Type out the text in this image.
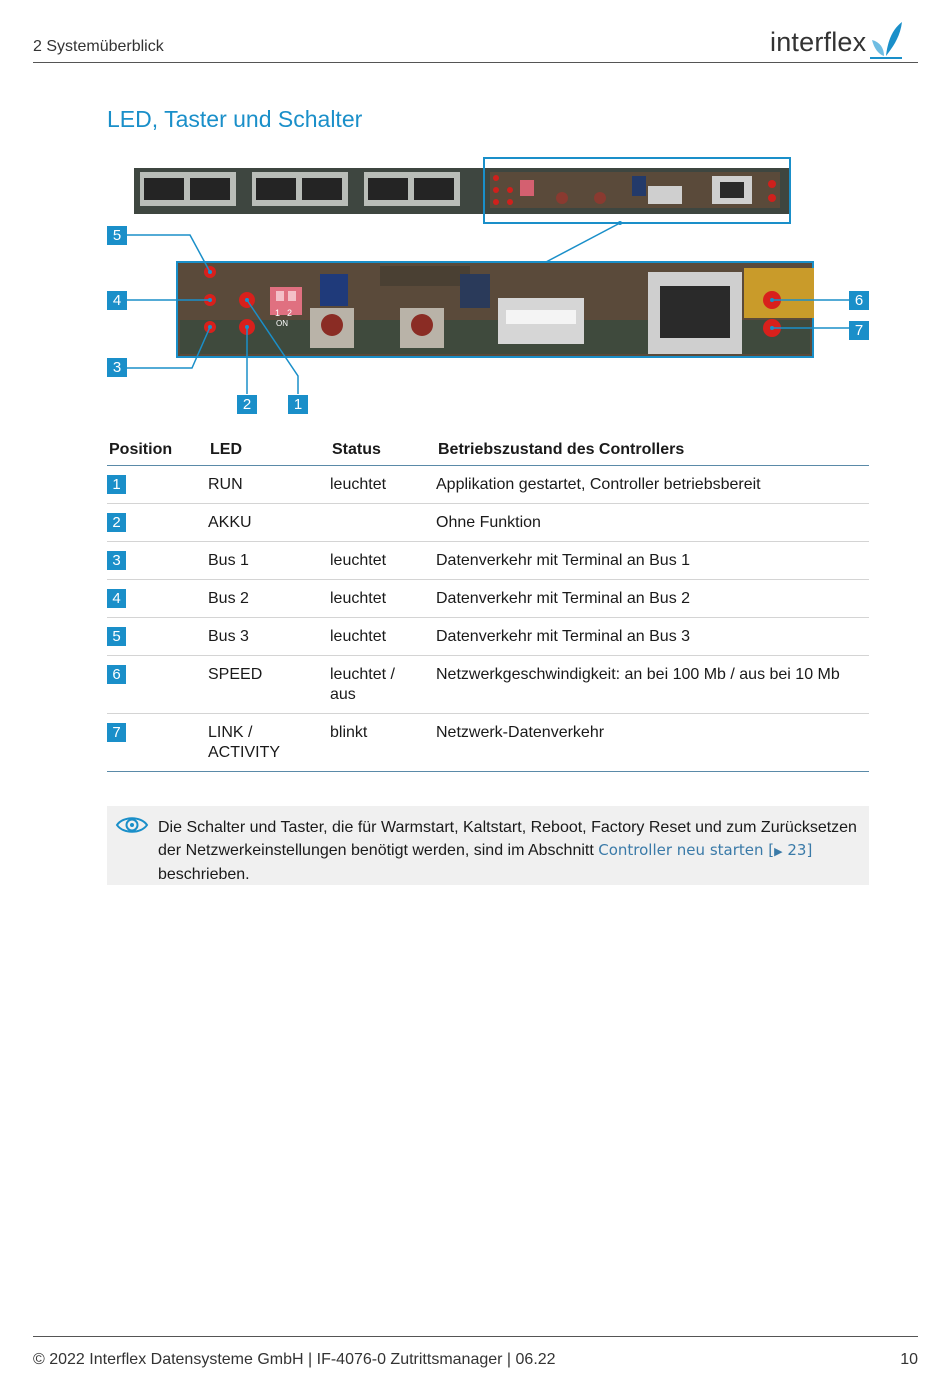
2 Systemüberblick	interflex
LED, Taster und Schalter
1 2
ON
5
4
3
2	1
6
7
Position	LED	Status	Betriebszustand des Controllers
1	RUN	leuchtet	Applikation gestartet, Controller betriebsbereit
2	AKKU		Ohne Funktion
3	Bus 1	leuchtet	Datenverkehr mit Terminal an Bus 1
4	Bus 2	leuchtet	Datenverkehr mit Terminal an Bus 2
5	Bus 3	leuchtet	Datenverkehr mit Terminal an Bus 3
6	SPEED	leuchtet / aus	Netzwerkgeschwindigkeit: an bei 100 Mb / aus bei 10 Mb
7	LINK / ACTIVITY	blinkt	Netzwerk-Datenverkehr
Die Schalter und Taster, die für Warmstart, Kaltstart, Reboot, Factory Reset und zum Zurücksetzen der Netzwerkeinstellungen benötigt werden, sind im Abschnitt Controller neu starten [▶ 23] beschrieben.
© 2022 Interflex Datensysteme GmbH | IF-4076-0 Zutrittsmanager | 06.22	10
